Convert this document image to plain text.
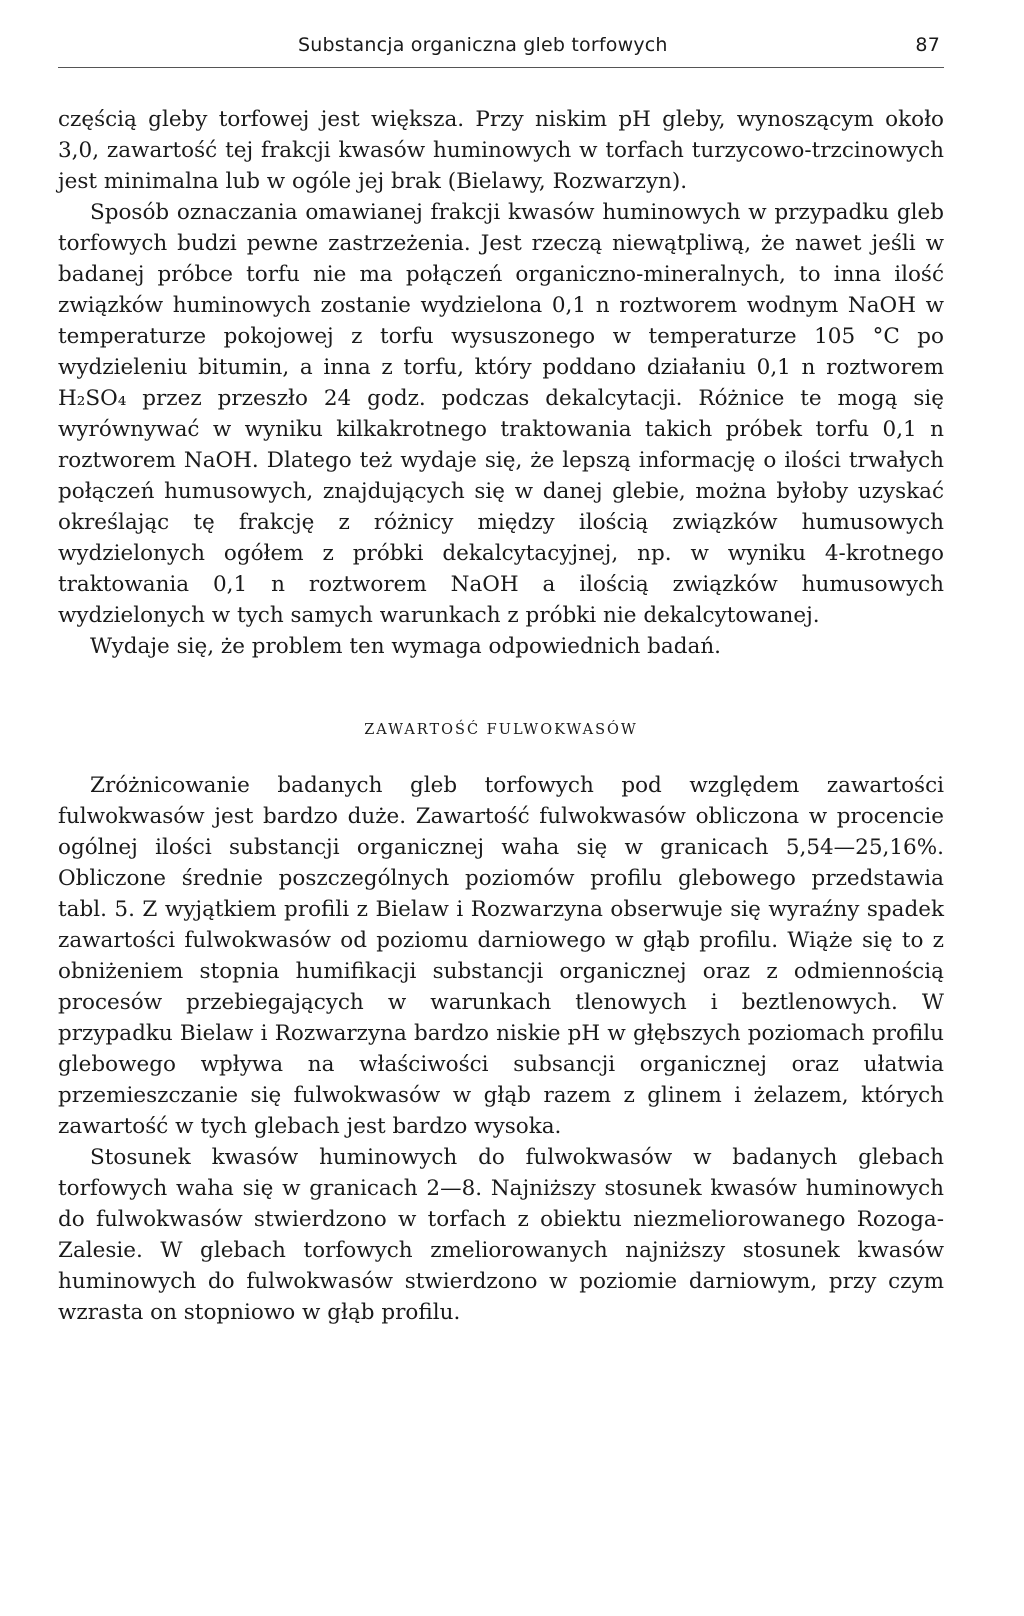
Substancja organiczna gleb torfowych	87

częścią gleby torfowej jest większa. Przy niskim pH gleby, wynoszącym około 3,0, zawartość tej frakcji kwasów huminowych w torfach turzycowo-trzcinowych jest minimalna lub w ogóle jej brak (Bielawy, Rozwarzyn).

Sposób oznaczania omawianej frakcji kwasów huminowych w przypadku gleb torfowych budzi pewne zastrzeżenia. Jest rzeczą niewątpliwą, że nawet jeśli w badanej próbce torfu nie ma połączeń organiczno-mineralnych, to inna ilość związków huminowych zostanie wydzielona 0,1 n roztworem wodnym NaOH w temperaturze pokojowej z torfu wysuszonego w temperaturze 105 °C po wydzieleniu bitumin, a inna z torfu, który poddano działaniu 0,1 n roztworem H₂SO₄ przez przeszło 24 godz. podczas dekalcytacji. Różnice te mogą się wyrównywać w wyniku kilkakrotnego traktowania takich próbek torfu 0,1 n roztworem NaOH. Dlatego też wydaje się, że lepszą informację o ilości trwałych połączeń humusowych, znajdujących się w danej glebie, można byłoby uzyskać określając tę frakcję z różnicy między ilością związków humusowych wydzielonych ogółem z próbki dekalcytacyjnej, np. w wyniku 4-krotnego traktowania 0,1 n roztworem NaOH a ilością związków humusowych wydzielonych w tych samych warunkach z próbki nie dekalcytowanej.

Wydaje się, że problem ten wymaga odpowiednich badań.

ZAWARTOŚĆ FULWOKWASÓW

Zróżnicowanie badanych gleb torfowych pod względem zawartości fulwokwasów jest bardzo duże. Zawartość fulwokwasów obliczona w procencie ogólnej ilości substancji organicznej waha się w granicach 5,54—25,16%. Obliczone średnie poszczególnych poziomów profilu glebowego przedstawia tabl. 5. Z wyjątkiem profili z Bielaw i Rozwarzyna obserwuje się wyraźny spadek zawartości fulwokwasów od poziomu darniowego w głąb profilu. Wiąże się to z obniżeniem stopnia humifikacji substancji organicznej oraz z odmiennością procesów przebiegających w warunkach tlenowych i beztlenowych. W przypadku Bielaw i Rozwarzyna bardzo niskie pH w głębszych poziomach profilu glebowego wpływa na właściwości subsancji organicznej oraz ułatwia przemieszczanie się fulwokwasów w głąb razem z glinem i żelazem, których zawartość w tych glebach jest bardzo wysoka.

Stosunek kwasów huminowych do fulwokwasów w badanych glebach torfowych waha się w granicach 2—8. Najniższy stosunek kwasów huminowych do fulwokwasów stwierdzono w torfach z obiektu niezmeliorowanego Rozoga-Zalesie. W glebach torfowych zmeliorowanych najniższy stosunek kwasów huminowych do fulwokwasów stwierdzono w poziomie darniowym, przy czym wzrasta on stopniowo w głąb profilu.
